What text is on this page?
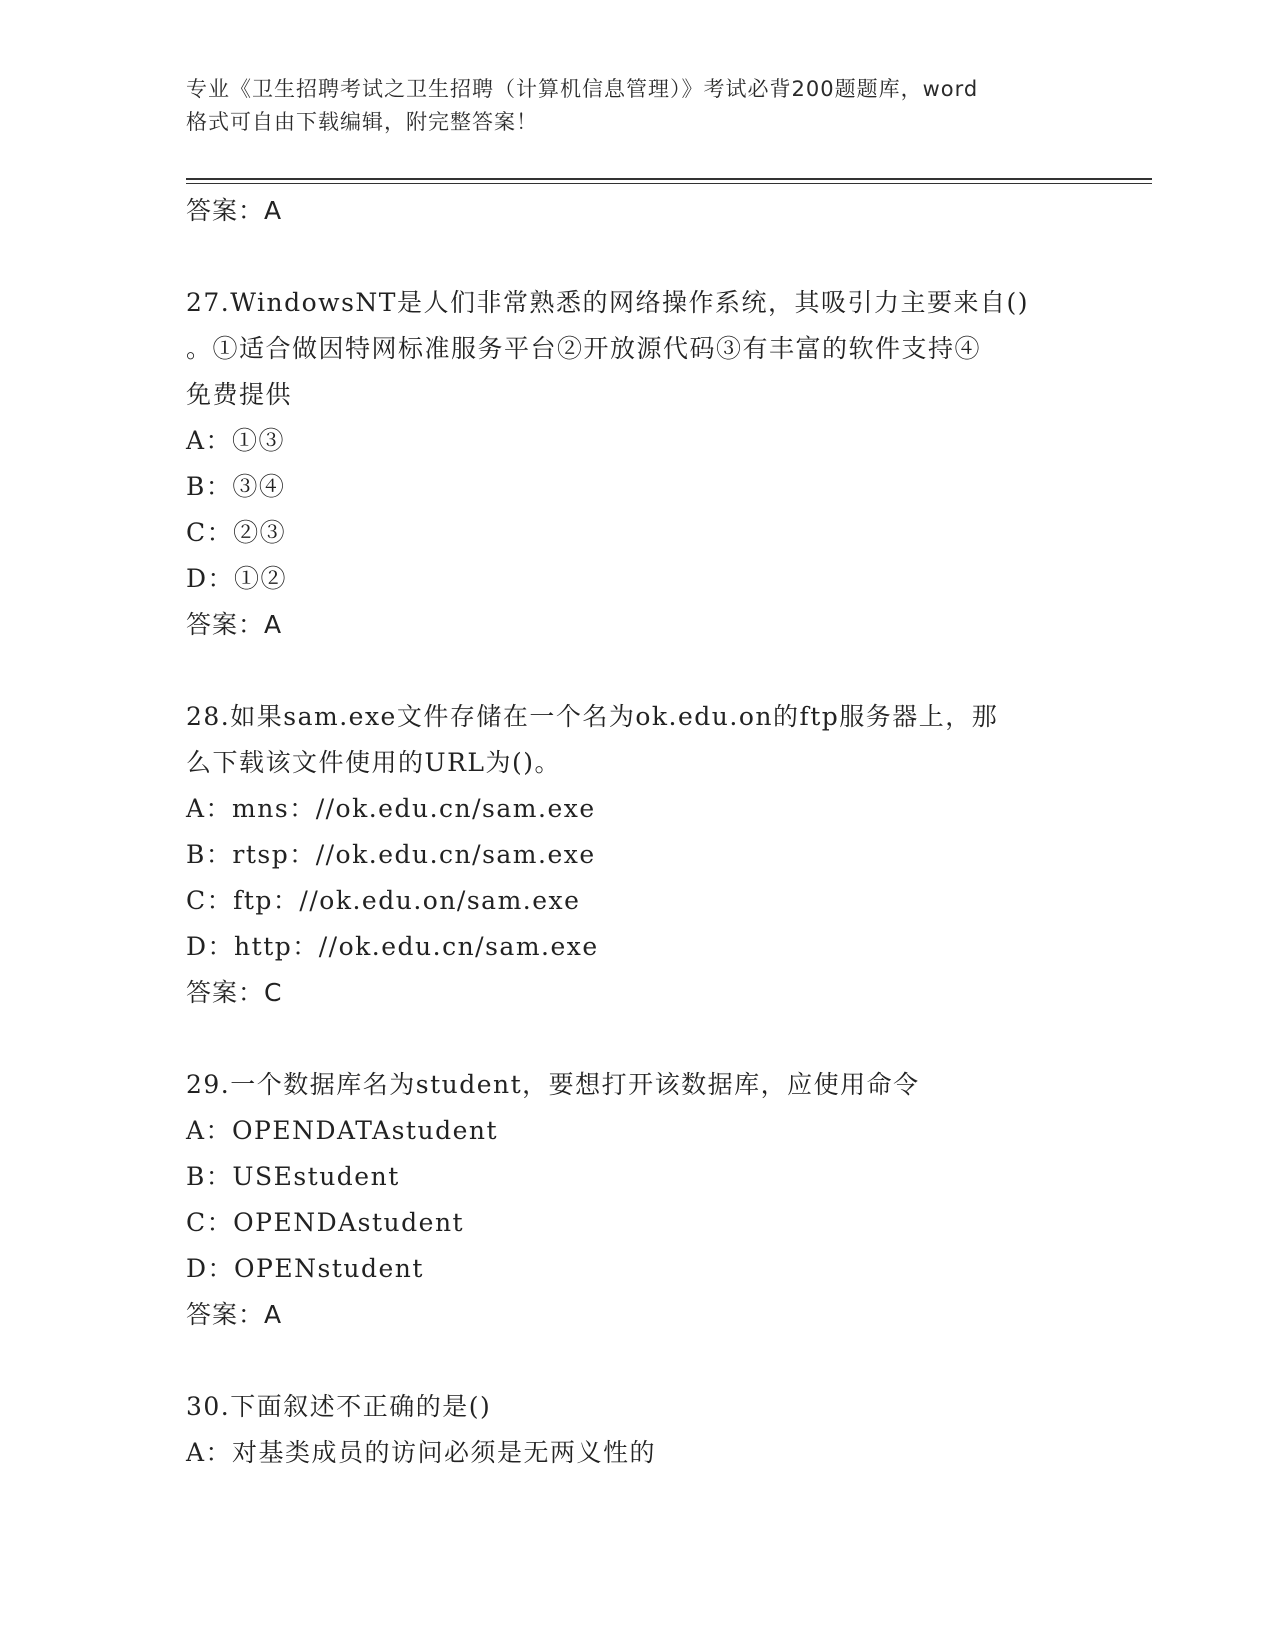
专业《卫生招聘考试之卫生招聘（计算机信息管理）》考试必背200题题库，word
格式可自由下载编辑，附完整答案！
答案：A
27.WindowsNT是人们非常熟悉的网络操作系统，其吸引力主要来自()
。①适合做因特网标准服务平台②开放源代码③有丰富的软件支持④
免费提供
A：①③
B：③④
C：②③
D：①②
答案：A
28.如果sam.exe文件存储在一个名为ok.edu.on的ftp服务器上，那
么下载该文件使用的URL为()。
A：mns：//ok.edu.cn/sam.exe
B：rtsp：//ok.edu.cn/sam.exe
C：ftp：//ok.edu.on/sam.exe
D：http：//ok.edu.cn/sam.exe
答案：C
29.一个数据库名为student，要想打开该数据库，应使用命令
A：OPENDATAstudent
B：USEstudent
C：OPENDAstudent
D：OPENstudent
答案：A
30.下面叙述不正确的是()
A：对基类成员的访问必须是无两义性的
